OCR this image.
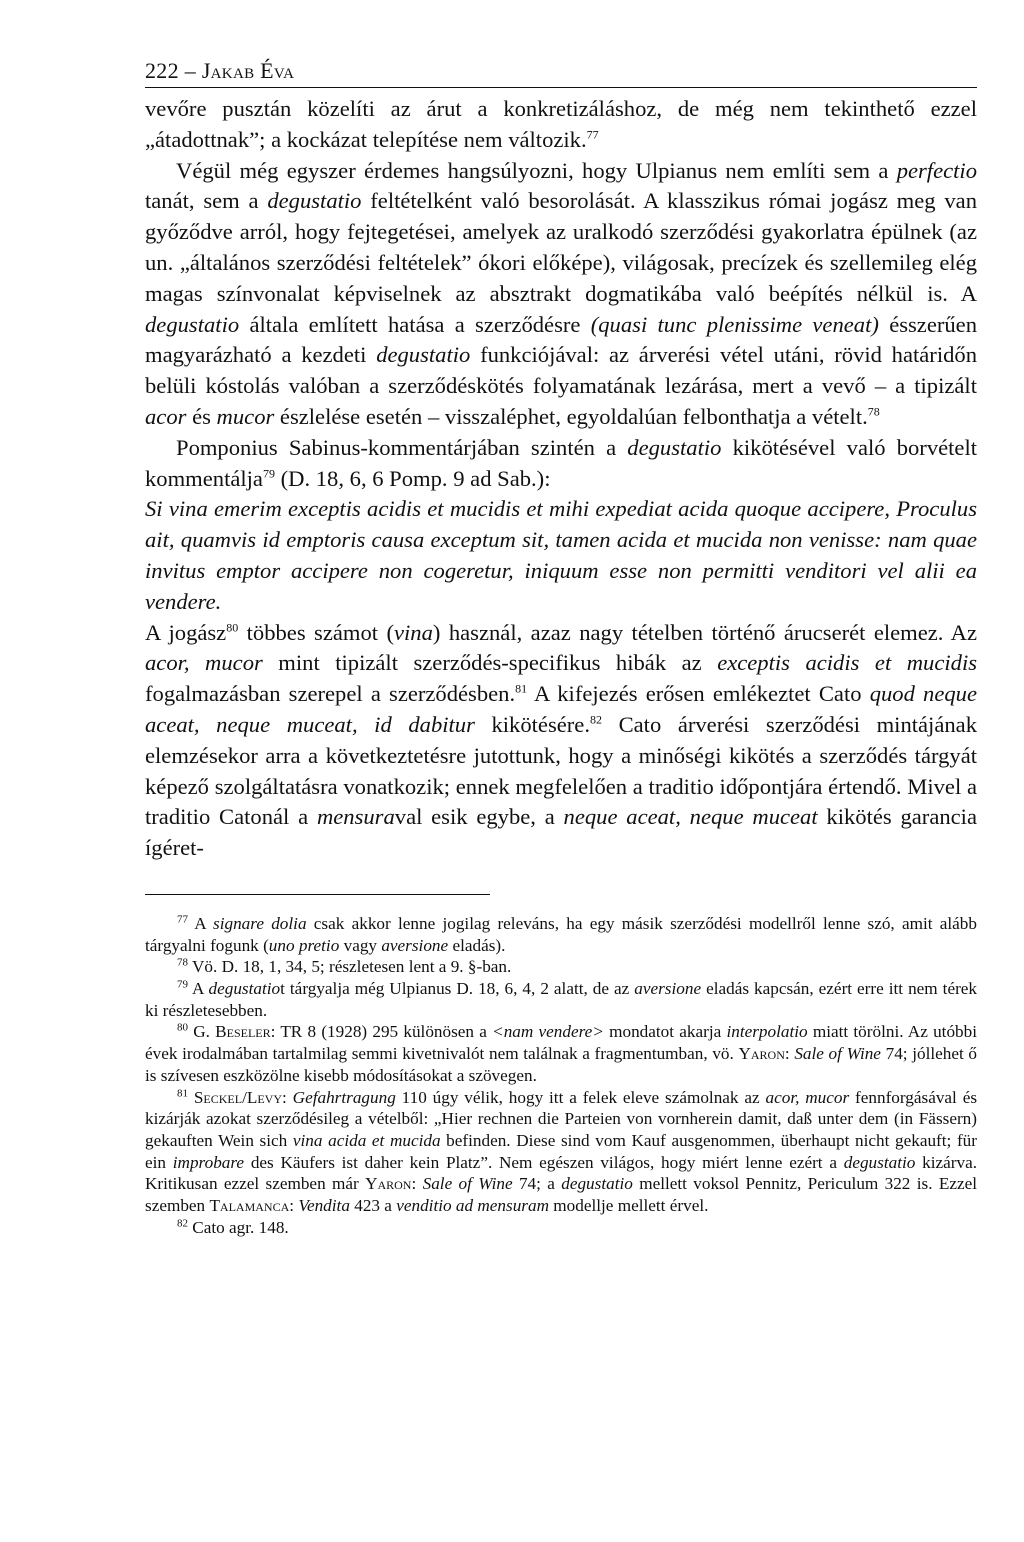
222 – Jakab Éva

vevőre pusztán közelíti az árut a konkretizáláshoz, de még nem tekinthető ezzel „átadottnak”; a kockázat telepítése nem változik.$^{77}$

Végül még egyszer érdemes hangsúlyozni, hogy Ulpianus nem említi sem a perfectio tanát, sem a degustatio feltételként való besorolását. A klasszikus római jogász meg van győződve arról, hogy fejtegetései, amelyek az uralkodó szerződési gyakorlatra épülnek (az un. „általános szerződési feltételek” ókori előképe), világosak, precízek és szellemileg elég magas színvonalat képviselnek az absztrakt dogmatikába való beépítés nélkül is. A degustatio általa említett hatása a szerződésre (quasi tunc plenissime veneat) ésszerűen magyarázható a kezdeti degustatio funkciójával: az árverési vétel utáni, rövid határidőn belüli kóstolás valóban a szerződéskötés folyamatának lezárása, mert a vevő – a tipizált acor és mucor észlelése esetén – visszaléphet, egyoldalúan felbonthatja a vételt.$^{78}$

Pomponius Sabinus-kommentárjában szintén a degustatio kikötésével való borvételt kommentálja$^{79}$ (D. 18, 6, 6 Pomp. 9 ad Sab.):

Si vina emerim exceptis acidis et mucidis et mihi expediat acida quoque accipere, Proculus ait, quamvis id emptoris causa exceptum sit, tamen acida et mucida non venisse: nam quae invitus emptor accipere non cogeretur, iniquum esse non permitti venditori vel alii ea vendere.

A jogász$^{80}$ többes számot (vina) használ, azaz nagy tételben történő árucserét elemez. Az acor, mucor mint tipizált szerződés-specifikus hibák az exceptis acidis et mucidis fogalmazásban szerepel a szerződésben.$^{81}$ A kifejezés erősen emlékeztet Cato quod neque aceat, neque muceat, id dabitur kikötésére.$^{82}$ Cato árverési szerződési mintájának elemzésekor arra a következtetésre jutottunk, hogy a minőségi kikötés a szerződés tárgyát képező szolgáltatásra vonatkozik; ennek megfelelően a traditio időpontjára értendő. Mivel a traditio Catonál a mensuraval esik egybe, a neque aceat, neque muceat kikötés garancia ígéret-

$^{77}$ A signare dolia csak akkor lenne jogilag releváns, ha egy másik szerződési modellről lenne szó, amit alább tárgyalni fogunk (uno pretio vagy aversione eladás).

$^{78}$ Vö. D. 18, 1, 34, 5; részletesen lent a 9. §-ban.

$^{79}$ A degustatiot tárgyalja még Ulpianus D. 18, 6, 4, 2 alatt, de az aversione eladás kapcsán, ezért erre itt nem térek ki részletesebben.

$^{80}$ G. Beseler: TR 8 (1928) 295 különösen a <nam vendere> mondatot akarja interpolatio miatt törölni. Az utóbbi évek irodalmában tartalmilag semmi kivetnivalót nem találnak a fragmentumban, vö. Yaron: Sale of Wine 74; jóllehet ő is szívesen eszközölne kisebb módosításokat a szövegen.

$^{81}$ Seckel/Levy: Gefahrtragung 110 úgy vélik, hogy itt a felek eleve számolnak az acor, mucor fennforgásával és kizárják azokat szerződésileg a vételből: „Hier rechnen die Parteien von vornherein damit, daß unter dem (in Fässern) gekauften Wein sich vina acida et mucida befinden. Diese sind vom Kauf ausgenommen, überhaupt nicht gekauft; für ein improbare des Käufers ist daher kein Platz”. Nem egészen világos, hogy miért lenne ezért a degustatio kizárva. Kritikusan ezzel szemben már Yaron: Sale of Wine 74; a degustatio mellett voksol Pennitz, Periculum 322 is. Ezzel szemben Talamanca: Vendita 423 a venditio ad mensuram modellje mellett érvel.

$^{82}$ Cato agr. 148.
